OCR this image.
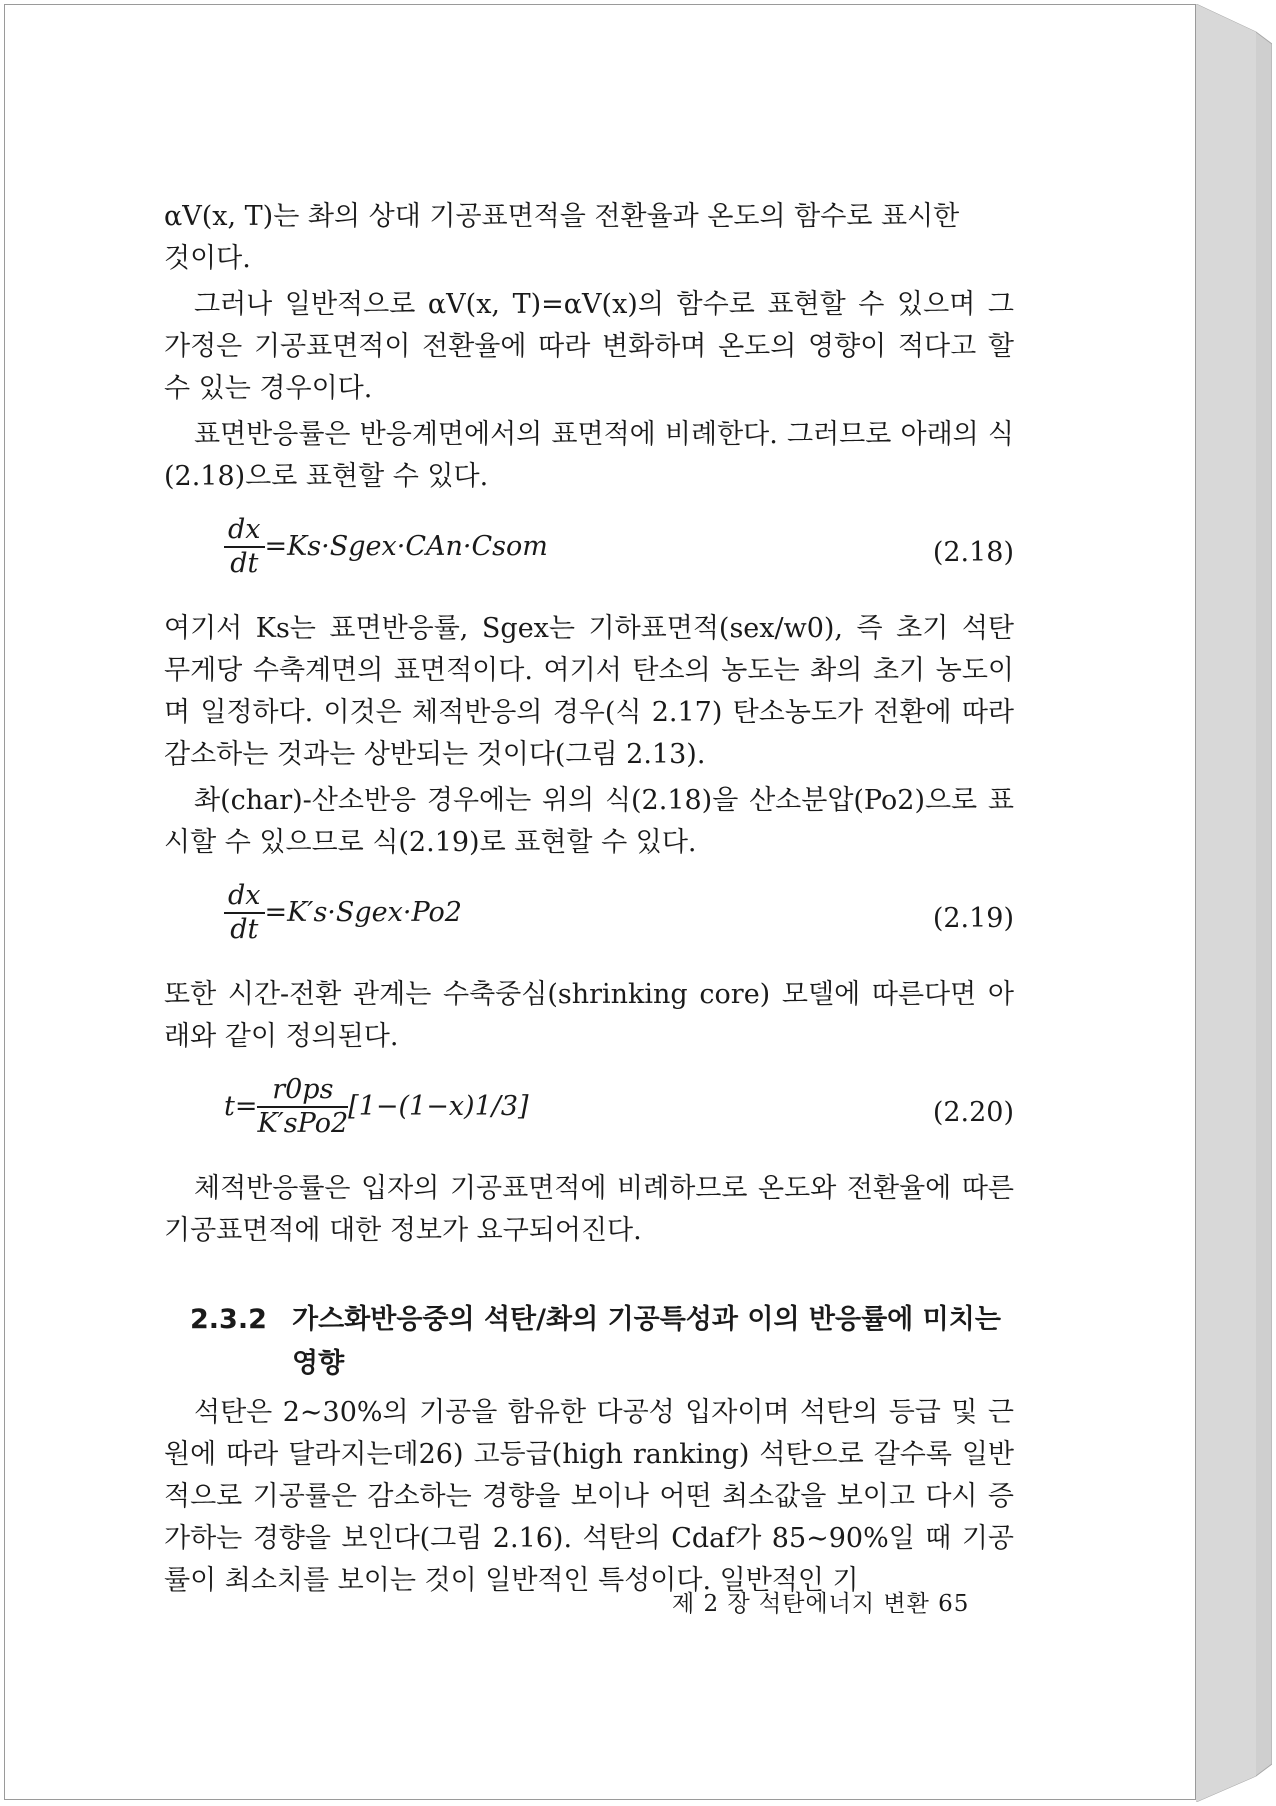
αV(x, T)는 촤의 상대 기공표면적을 전환율과 온도의 함수로 표시한
것이다.

그러나 일반적으로 αV(x, T)=αV(x)의 함수로 표현할 수 있으며 그 가정은 기공표면적이 전환율에 따라 변화하며 온도의 영향이 적다고 할 수 있는 경우이다.

표면반응률은 반응계면에서의 표면적에 비례한다. 그러므로 아래의 식(2.18)으로 표현할 수 있다.

$\frac{dx}{dt}$ =Ks·Sgex·CAn·Csom	(2.18)

여기서 Ks는 표면반응률, Sgex는 기하표면적(sex/w0), 즉 초기 석탄 무게당 수축계면의 표면적이다. 여기서 탄소의 농도는 촤의 초기 농도이며 일정하다. 이것은 체적반응의 경우(식 2.17) 탄소농도가 전환에 따라 감소하는 것과는 상반되는 것이다(그림 2.13).

촤(char)-산소반응 경우에는 위의 식(2.18)을 산소분압(Po2)으로 표시할 수 있으므로 식(2.19)로 표현할 수 있다.

$\frac{dx}{dt}$ =K′s·Sgex·Po2	(2.19)

또한 시간-전환 관계는 수축중심(shrinking core) 모델에 따른다면 아래와 같이 정의된다.

$t= \frac{r0ps}{\text{K′sPo2}} [1-(1-x)1/3]$	(2.20)

체적반응률은 입자의 기공표면적에 비례하므로 온도와 전환율에 따른 기공표면적에 대한 정보가 요구되어진다.

2.3.2 가스화반응중의 석탄/촤의 기공특성과 이의 반응률에 미치는 영향

석탄은 2∼30%의 기공을 함유한 다공성 입자이며 석탄의 등급 및 근원에 따라 달라지는데26) 고등급(high ranking) 석탄으로 갈수록 일반적으로 기공률은 감소하는 경향을 보이나 어떤 최소값을 보이고 다시 증가하는 경향을 보인다(그림 2.16). 석탄의 Cdaf가 85∼90%일 때 기공률이 최소치를 보이는 것이 일반적인 특성이다. 일반적인 기

제 2 장 석탄에너지 변환 65
